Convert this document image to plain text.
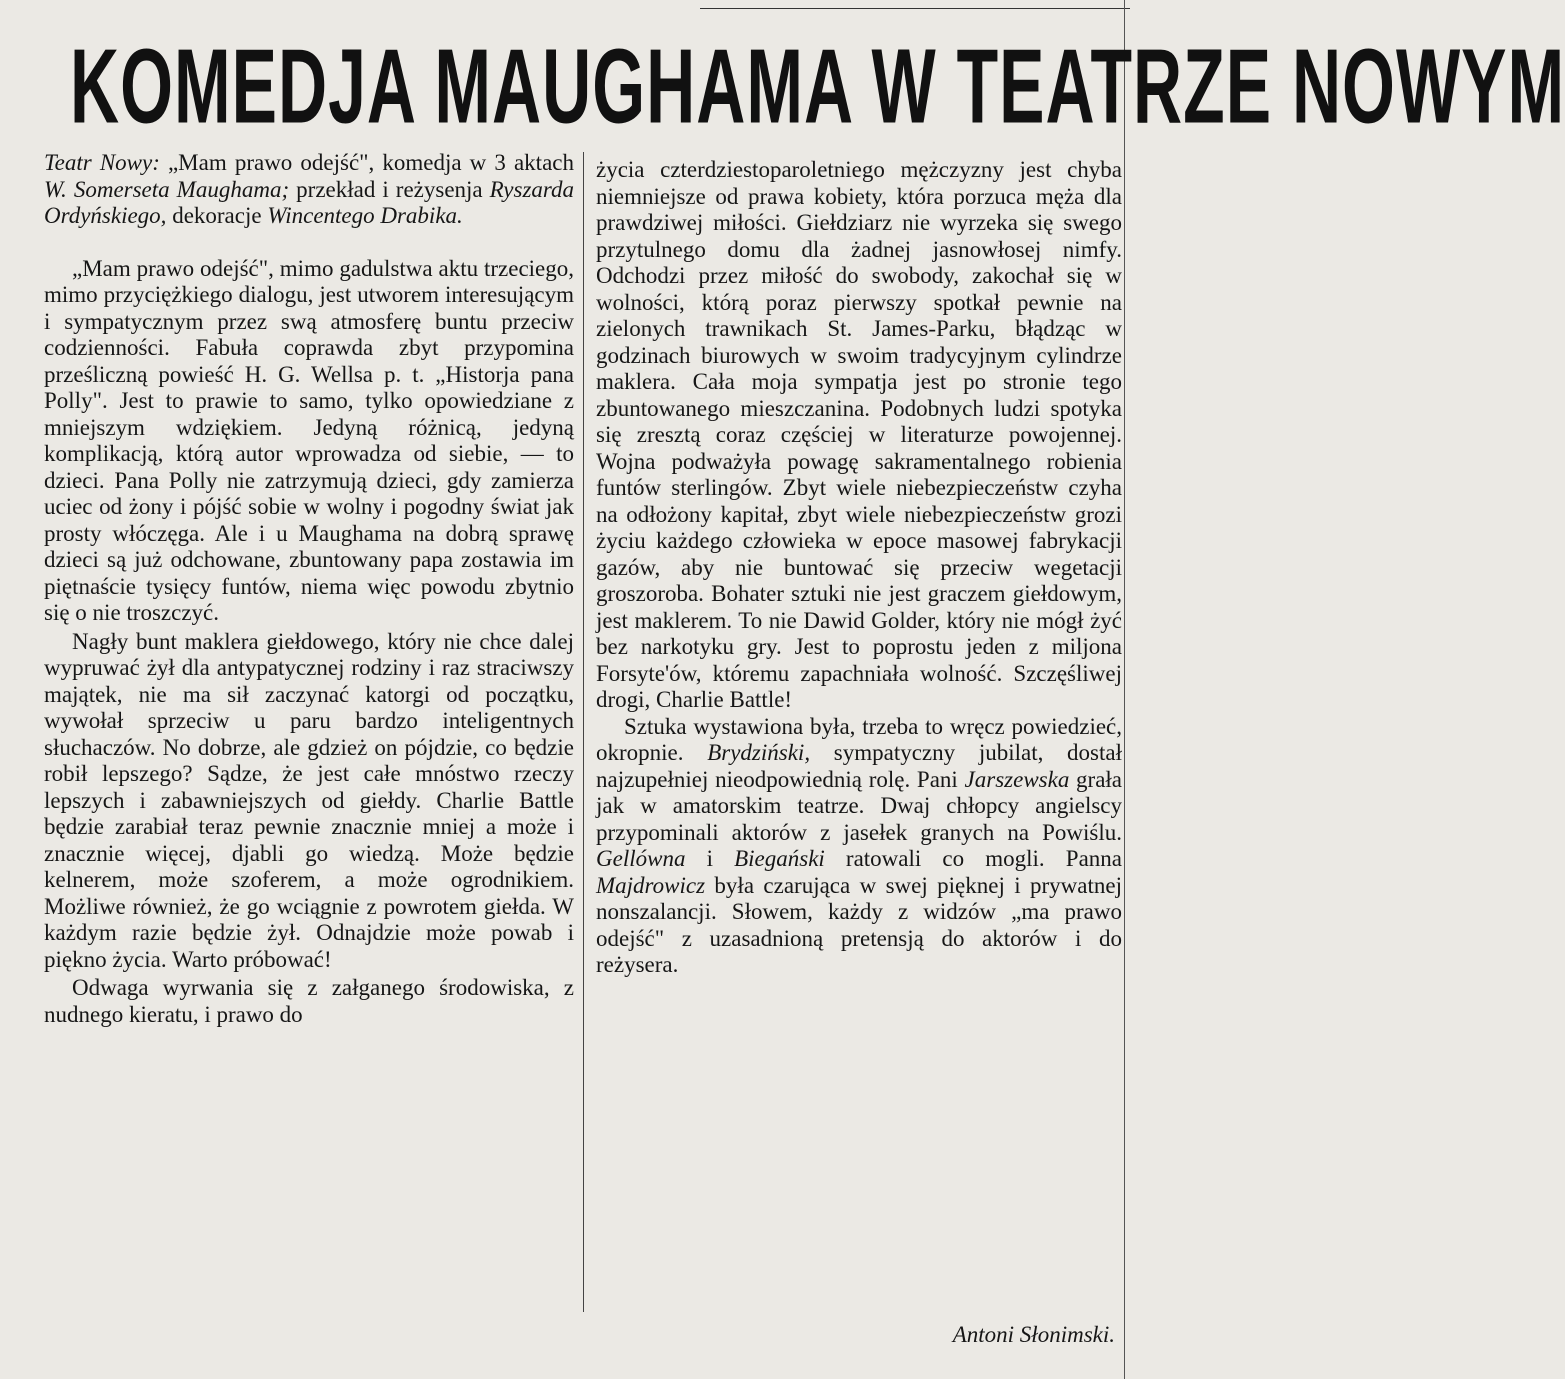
KOMEDJA MAUGHAMA W TEATRZE NOWYM

Teatr Nowy: „Mam prawo odejść", komedja w 3 aktach W. Somerseta Maughama; przekład i reżysenja Ryszarda Ordyńskiego, dekoracje Wincentego Drabika.

„Mam prawo odejść", mimo gadulstwa aktu trzeciego, mimo przyciężkiego dialogu, jest utworem interesującym i sympatycznym przez swą atmosferę buntu przeciw codzienności. Fabuła coprawda zbyt przypomina prześliczną powieść H. G. Wellsa p. t. „Historja pana Polly". Jest to prawie to samo, tylko opowiedziane z mniejszym wdziękiem. Jedyną różnicą, jedyną komplikacją, którą autor wprowadza od siebie, — to dzieci. Pana Polly nie zatrzymują dzieci, gdy zamierza uciec od żony i pójść sobie w wolny i pogodny świat jak prosty włóczęga. Ale i u Maughama na dobrą sprawę dzieci są już odchowane, zbuntowany papa zostawia im piętnaście tysięcy funtów, niema więc powodu zbytnio się o nie troszczyć.

Nagły bunt maklera giełdowego, który nie chce dalej wypruwać żył dla antypatycznej rodziny i raz straciwszy majątek, nie ma sił zaczynać katorgi od początku, wywołał sprzeciw u paru bardzo inteligentnych słuchaczów. No dobrze, ale gdzież on pójdzie, co będzie robił lepszego? Sądze, że jest całe mnóstwo rzeczy lepszych i zabawniejszych od giełdy. Charlie Battle będzie zarabiał teraz pewnie znacznie mniej a może i znacznie więcej, djabli go wiedzą. Może będzie kelnerem, może szoferem, a może ogrodnikiem. Możliwe również, że go wciągnie z powrotem giełda. W każdym razie będzie żył. Odnajdzie może powab i piękno życia. Warto próbować!

Odwaga wyrwania się z załganego środowiska, z nudnego kieratu, i prawo do

życia czterdziestoparoletniego mężczyzny jest chyba niemniejsze od prawa kobiety, która porzuca męża dla prawdziwej miłości. Giełdziarz nie wyrzeka się swego przytulnego domu dla żadnej jasnowłosej nimfy. Odchodzi przez miłość do swobody, zakochał się w wolności, którą poraz pierwszy spotkał pewnie na zielonych trawnikach St. James-Parku, błądząc w godzinach biurowych w swoim tradycyjnym cylindrze maklera. Cała moja sympatja jest po stronie tego zbuntowanego mieszczanina. Podobnych ludzi spotyka się zresztą coraz częściej w literaturze powojennej. Wojna podważyła powagę sakramentalnego robienia funtów sterlingów. Zbyt wiele niebezpieczeństw czyha na odłożony kapitał, zbyt wiele niebezpieczeństw grozi życiu każdego człowieka w epoce masowej fabrykacji gazów, aby nie buntować się przeciw wegetacji groszoroba. Bohater sztuki nie jest graczem giełdowym, jest maklerem. To nie Dawid Golder, który nie mógł żyć bez narkotyku gry. Jest to poprostu jeden z miljona Forsyte'ów, któremu zapachniała wolność. Szczęśliwej drogi, Charlie Battle!

Sztuka wystawiona była, trzeba to wręcz powiedzieć, okropnie. Brydziński, sympatyczny jubilat, dostał najzupełniej nieodpowiednią rolę. Pani Jarszewska grała jak w amatorskim teatrze. Dwaj chłopcy angielscy przypominali aktorów z jasełek granych na Powiślu. Gellówna i Biegański ratowali co mogli. Panna Majdrowicz była czarująca w swej pięknej i prywatnej nonszalancji. Słowem, każdy z widzów „ma prawo odejść" z uzasadnioną pretensją do aktorów i do reżysera.

Antoni Słonimski.
